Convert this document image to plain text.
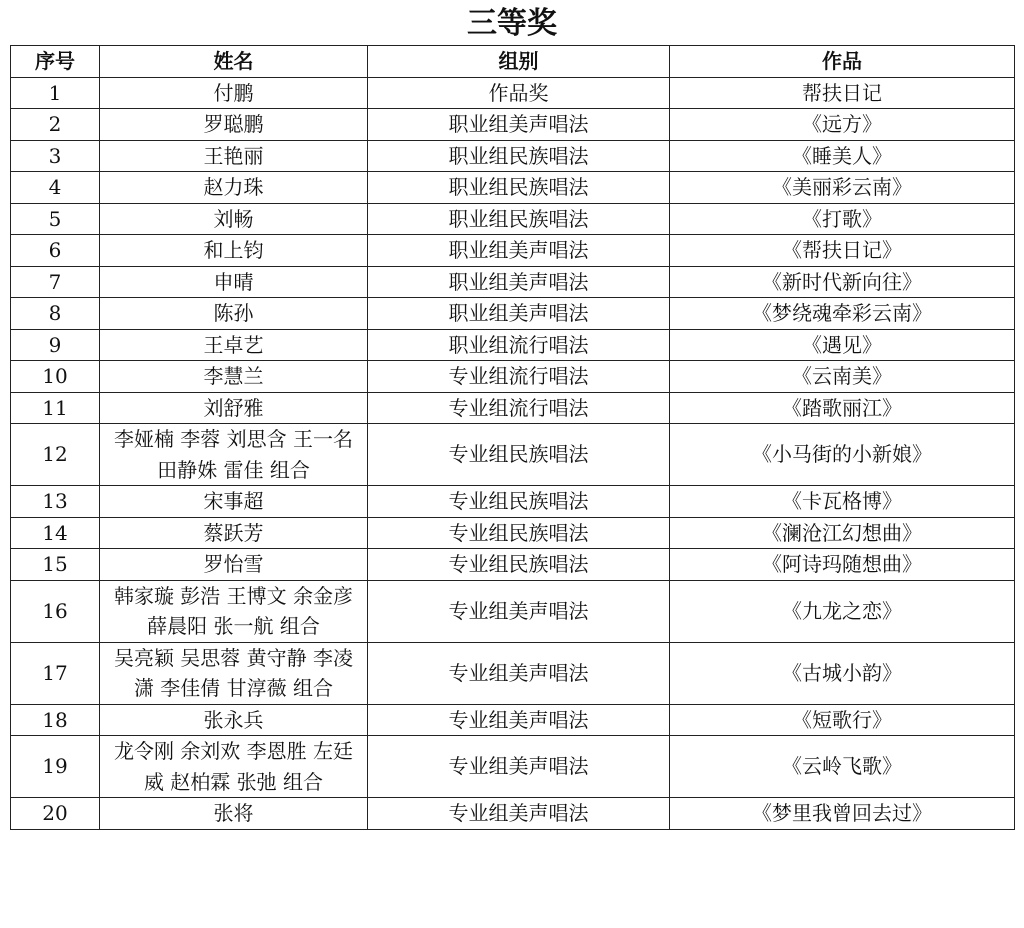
三等奖
序号	姓名	组别	作品
1	付鹏	作品奖	帮扶日记
2	罗聪鹏	职业组美声唱法	《远方》
3	王艳丽	职业组民族唱法	《睡美人》
4	赵力珠	职业组民族唱法	《美丽彩云南》
5	刘畅	职业组民族唱法	《打歌》
6	和上钧	职业组美声唱法	《帮扶日记》
7	申晴	职业组美声唱法	《新时代新向往》
8	陈孙	职业组美声唱法	《梦绕魂牵彩云南》
9	王卓艺	职业组流行唱法	《遇见》
10	李慧兰	专业组流行唱法	《云南美》
11	刘舒雅	专业组流行唱法	《踏歌丽江》
12	李娅楠 李蓉 刘思含 王一名 田静姝 雷佳 组合	专业组民族唱法	《小马街的小新娘》
13	宋事超	专业组民族唱法	《卡瓦格博》
14	蔡跃芳	专业组民族唱法	《澜沧江幻想曲》
15	罗怡雪	专业组民族唱法	《阿诗玛随想曲》
16	韩家璇 彭浩 王博文 余金彦 薛晨阳 张一航 组合	专业组美声唱法	《九龙之恋》
17	吴亮颖 吴思蓉 黄守静 李凌潇 李佳倩 甘淳薇 组合	专业组美声唱法	《古城小韵》
18	张永兵	专业组美声唱法	《短歌行》
19	龙令刚 余刘欢 李恩胜 左廷威 赵柏霖 张弛 组合	专业组美声唱法	《云岭飞歌》
20	张将	专业组美声唱法	《梦里我曾回去过》
